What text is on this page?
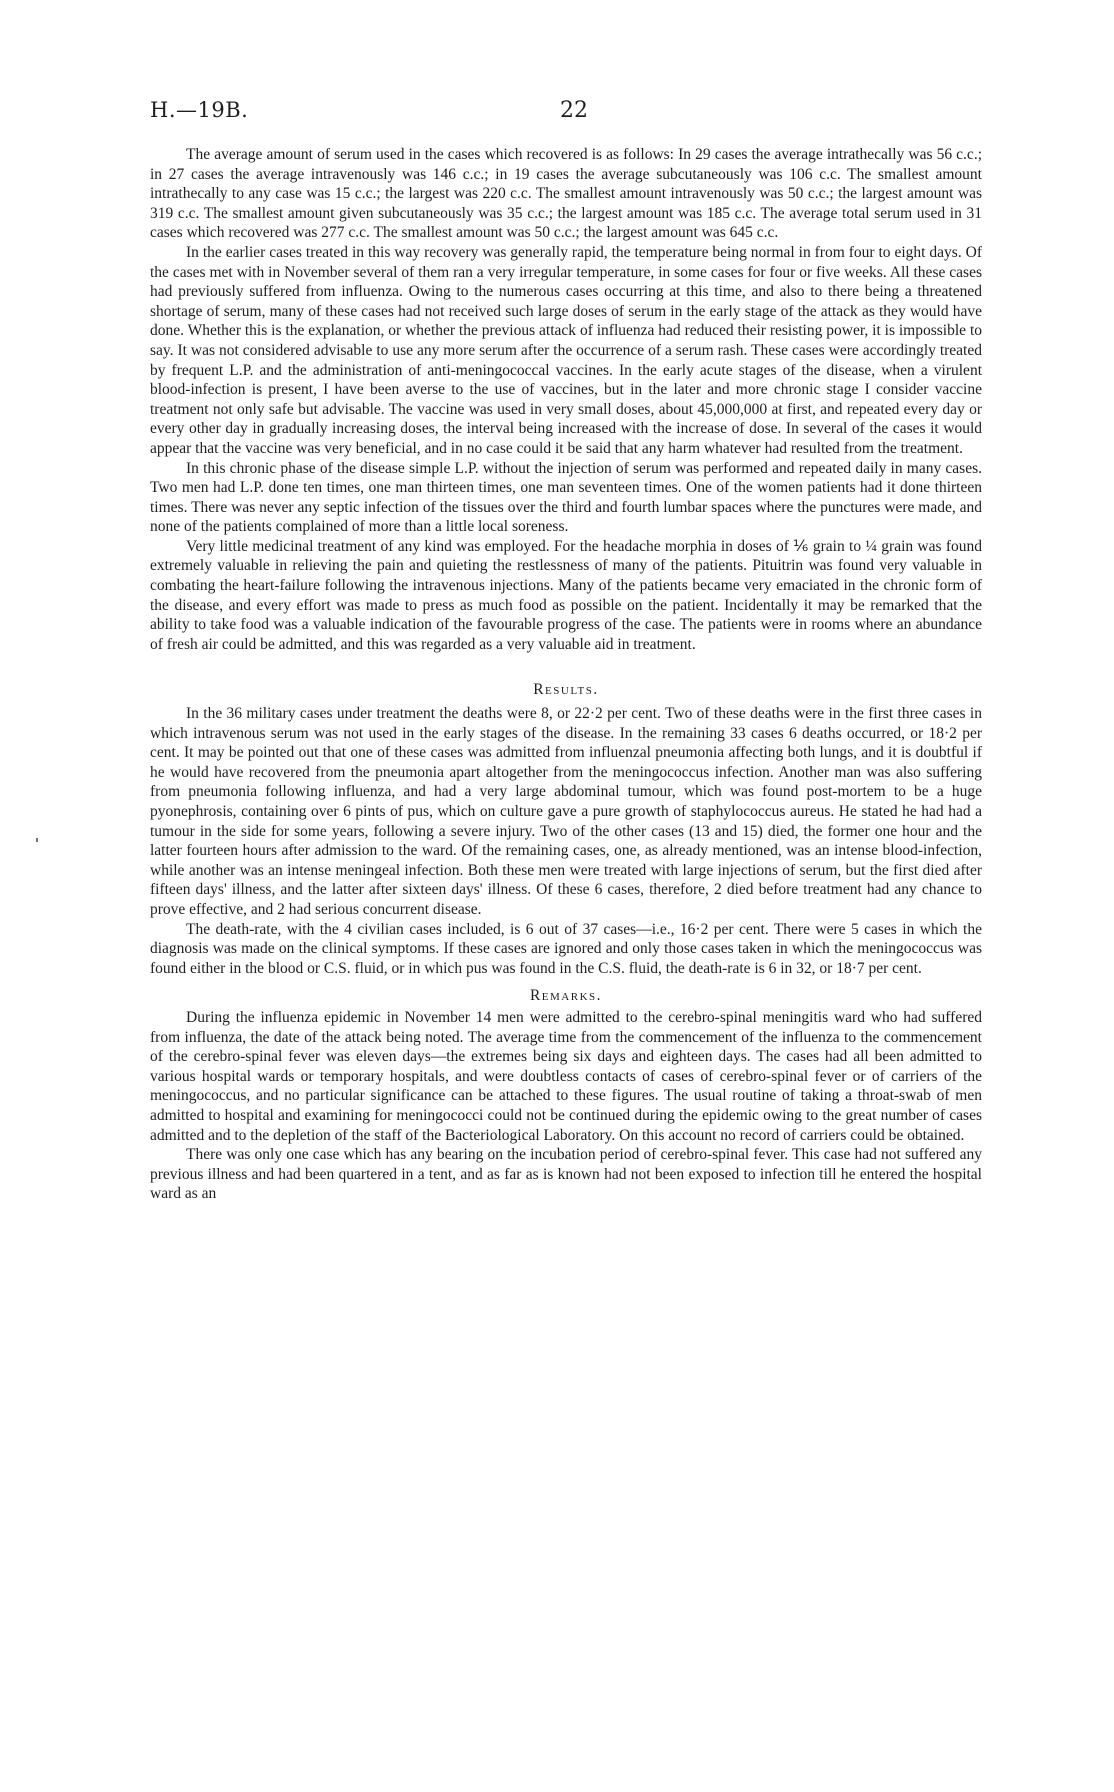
H.—19B.	22

The average amount of serum used in the cases which recovered is as follows: In 29 cases the average intrathecally was 56 c.c.; in 27 cases the average intravenously was 146 c.c.; in 19 cases the average subcutaneously was 106 c.c. The smallest amount intrathecally to any case was 15 c.c.; the largest was 220 c.c. The smallest amount intravenously was 50 c.c.; the largest amount was 319 c.c. The smallest amount given subcutaneously was 35 c.c.; the largest amount was 185 c.c. The average total serum used in 31 cases which recovered was 277 c.c. The smallest amount was 50 c.c.; the largest amount was 645 c.c.

In the earlier cases treated in this way recovery was generally rapid, the temperature being normal in from four to eight days. Of the cases met with in November several of them ran a very irregular temperature, in some cases for four or five weeks. All these cases had previously suffered from influenza. Owing to the numerous cases occurring at this time, and also to there being a threatened shortage of serum, many of these cases had not received such large doses of serum in the early stage of the attack as they would have done. Whether this is the explanation, or whether the previous attack of influenza had reduced their resisting power, it is impossible to say. It was not considered advisable to use any more serum after the occurrence of a serum rash. These cases were accordingly treated by frequent L.P. and the administration of anti-meningococcal vaccines. In the early acute stages of the disease, when a virulent blood-infection is present, I have been averse to the use of vaccines, but in the later and more chronic stage I consider vaccine treatment not only safe but advisable. The vaccine was used in very small doses, about 45,000,000 at first, and repeated every day or every other day in gradually increasing doses, the interval being increased with the increase of dose. In several of the cases it would appear that the vaccine was very beneficial, and in no case could it be said that any harm whatever had resulted from the treatment.

In this chronic phase of the disease simple L.P. without the injection of serum was performed and repeated daily in many cases. Two men had L.P. done ten times, one man thirteen times, one man seventeen times. One of the women patients had it done thirteen times. There was never any septic infection of the tissues over the third and fourth lumbar spaces where the punctures were made, and none of the patients complained of more than a little local soreness.

Very little medicinal treatment of any kind was employed. For the headache morphia in doses of ⅙ grain to ¼ grain was found extremely valuable in relieving the pain and quieting the restlessness of many of the patients. Pituitrin was found very valuable in combating the heart-failure following the intravenous injections. Many of the patients became very emaciated in the chronic form of the disease, and every effort was made to press as much food as possible on the patient. Incidentally it may be remarked that the ability to take food was a valuable indication of the favourable progress of the case. The patients were in rooms where an abundance of fresh air could be admitted, and this was regarded as a very valuable aid in treatment.

Results.

In the 36 military cases under treatment the deaths were 8, or 22·2 per cent. Two of these deaths were in the first three cases in which intravenous serum was not used in the early stages of the disease. In the remaining 33 cases 6 deaths occurred, or 18·2 per cent. It may be pointed out that one of these cases was admitted from influenzal pneumonia affecting both lungs, and it is doubtful if he would have recovered from the pneumonia apart altogether from the meningococcus infection. Another man was also suffering from pneumonia following influenza, and had a very large abdominal tumour, which was found post-mortem to be a huge pyonephrosis, containing over 6 pints of pus, which on culture gave a pure growth of staphylococcus aureus. He stated he had had a tumour in the side for some years, following a severe injury. Two of the other cases (13 and 15) died, the former one hour and the latter fourteen hours after admission to the ward. Of the remaining cases, one, as already mentioned, was an intense blood-infection, while another was an intense meningeal infection. Both these men were treated with large injections of serum, but the first died after fifteen days' illness, and the latter after sixteen days' illness. Of these 6 cases, therefore, 2 died before treatment had any chance to prove effective, and 2 had serious concurrent disease.

The death-rate, with the 4 civilian cases included, is 6 out of 37 cases—i.e., 16·2 per cent. There were 5 cases in which the diagnosis was made on the clinical symptoms. If these cases are ignored and only those cases taken in which the meningococcus was found either in the blood or C.S. fluid, or in which pus was found in the C.S. fluid, the death-rate is 6 in 32, or 18·7 per cent.

Remarks.

During the influenza epidemic in November 14 men were admitted to the cerebro-spinal meningitis ward who had suffered from influenza, the date of the attack being noted. The average time from the commencement of the influenza to the commencement of the cerebro-spinal fever was eleven days—the extremes being six days and eighteen days. The cases had all been admitted to various hospital wards or temporary hospitals, and were doubtless contacts of cases of cerebro-spinal fever or of carriers of the meningococcus, and no particular significance can be attached to these figures. The usual routine of taking a throat-swab of men admitted to hospital and examining for meningococci could not be continued during the epidemic owing to the great number of cases admitted and to the depletion of the staff of the Bacteriological Laboratory. On this account no record of carriers could be obtained.

There was only one case which has any bearing on the incubation period of cerebro-spinal fever. This case had not suffered any previous illness and had been quartered in a tent, and as far as is known had not been exposed to infection till he entered the hospital ward as an
